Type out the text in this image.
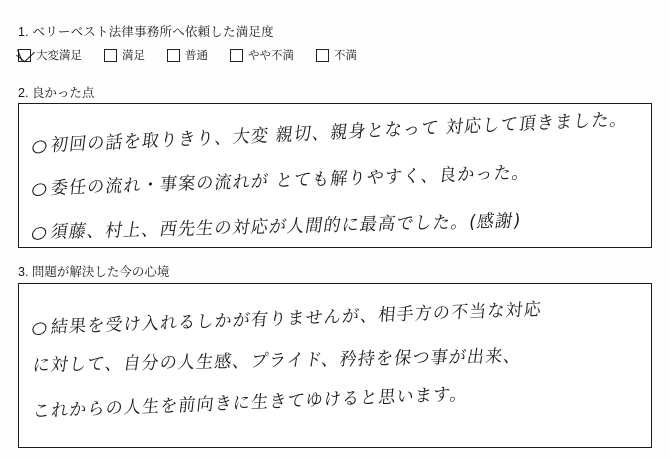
1. ベリーベスト法律事務所へ依頼した満足度
大変満足	満足	普通	やや不満	不満
2. 良かった点
初回の話を取りきり、大変 親切、親身となって 対応して頂きました。
委任の流れ・事案の流れが とても解りやすく、良かった。
須藤、村上、西先生の対応が人間的に最高でした。(感謝)
3. 問題が解決した今の心境
結果を受け入れるしかが有りませんが、相手方の不当な対応
に対して、自分の人生感、プライド、矜持を保つ事が出来、
これからの人生を前向きに生きてゆけると思います。
